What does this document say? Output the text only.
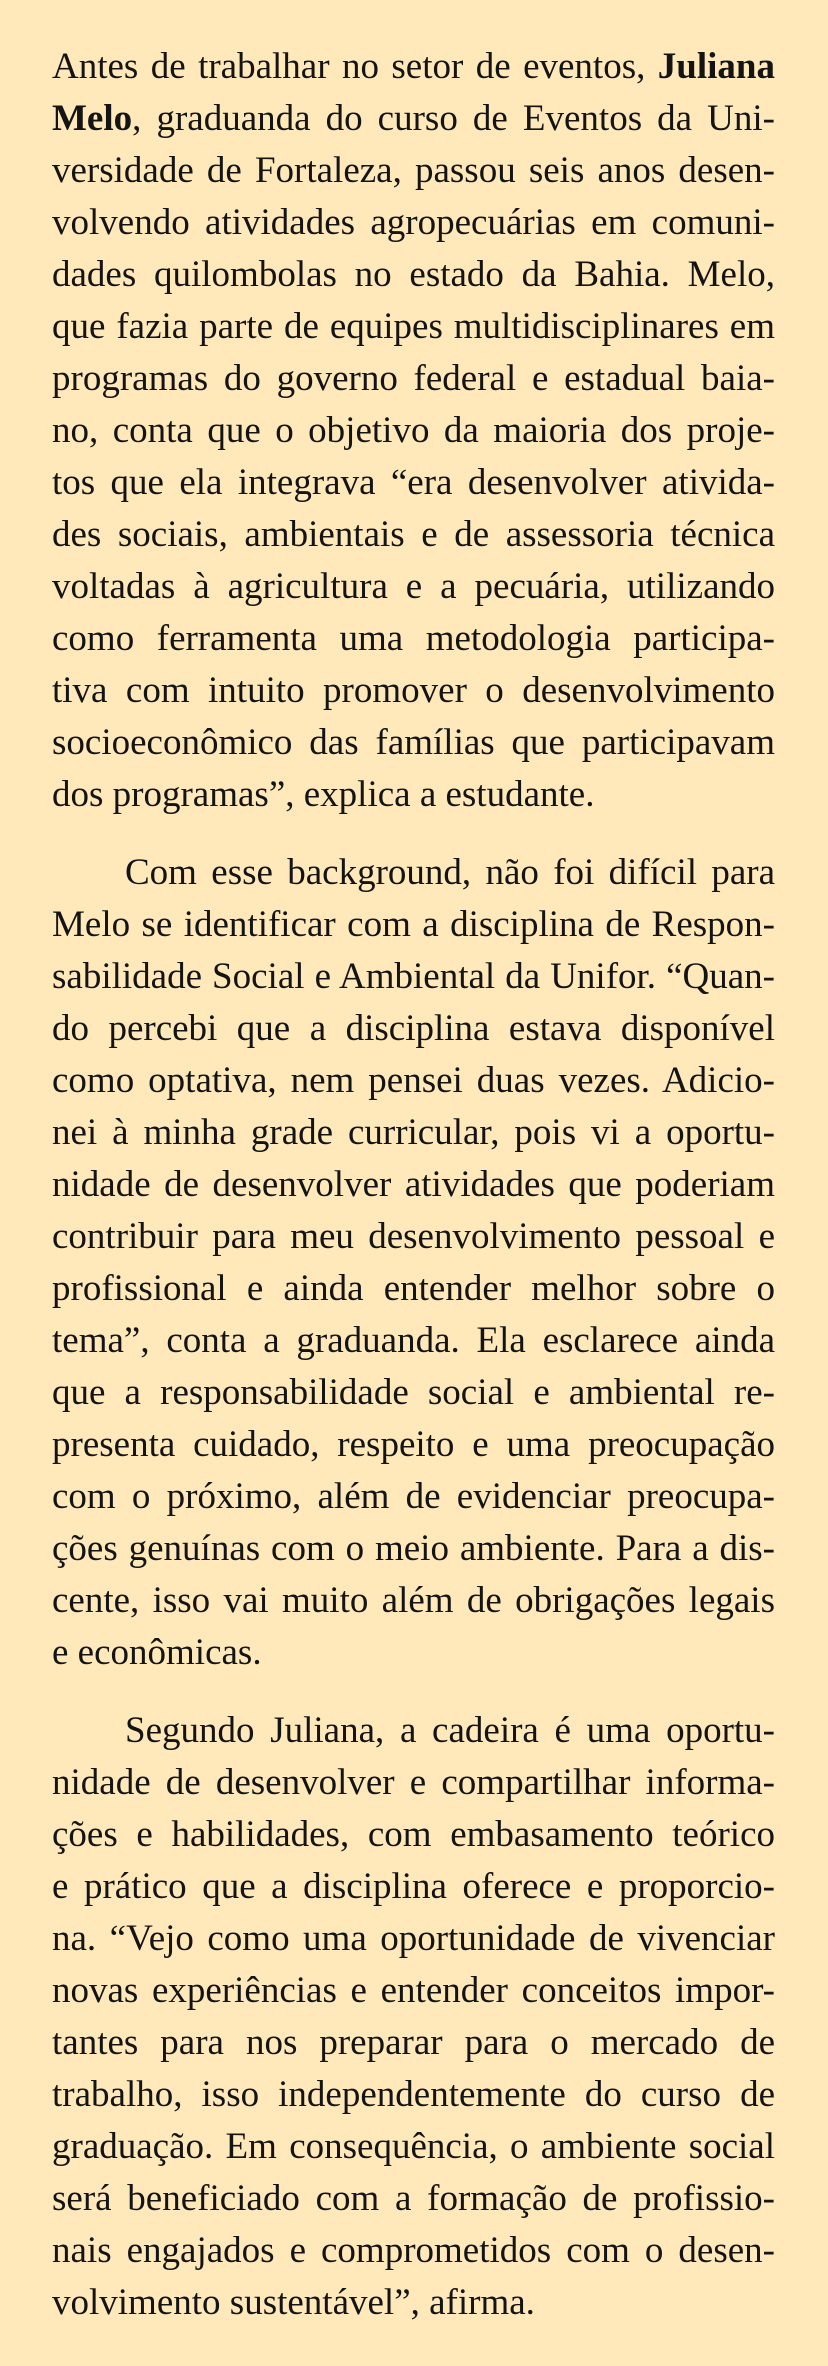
Antes de trabalhar no setor de eventos, Juliana
Melo, graduanda do curso de Eventos da Uni-
versidade de Fortaleza, passou seis anos desen-
volvendo atividades agropecuárias em comuni-
dades quilombolas no estado da Bahia. Melo,
que fazia parte de equipes multidisciplinares em
programas do governo federal e estadual baia-
no, conta que o objetivo da maioria dos proje-
tos que ela integrava “era desenvolver ativida-
des sociais, ambientais e de assessoria técnica
voltadas à agricultura e a pecuária, utilizando
como ferramenta uma metodologia participa-
tiva com intuito promover o desenvolvimento
socioeconômico das famílias que participavam
dos programas”, explica a estudante.
Com esse background, não foi difícil para
Melo se identificar com a disciplina de Respon-
sabilidade Social e Ambiental da Unifor. “Quan-
do percebi que a disciplina estava disponível
como optativa, nem pensei duas vezes. Adicio-
nei à minha grade curricular, pois vi a oportu-
nidade de desenvolver atividades que poderiam
contribuir para meu desenvolvimento pessoal e
profissional e ainda entender melhor sobre o
tema”, conta a graduanda. Ela esclarece ainda
que a responsabilidade social e ambiental re-
presenta cuidado, respeito e uma preocupação
com o próximo, além de evidenciar preocupa-
ções genuínas com o meio ambiente. Para a dis-
cente, isso vai muito além de obrigações legais
e econômicas.
Segundo Juliana, a cadeira é uma oportu-
nidade de desenvolver e compartilhar informa-
ções e habilidades, com embasamento teórico
e prático que a disciplina oferece e proporcio-
na. “Vejo como uma oportunidade de vivenciar
novas experiências e entender conceitos impor-
tantes para nos preparar para o mercado de
trabalho, isso independentemente do curso de
graduação. Em consequência, o ambiente social
será beneficiado com a formação de profissio-
nais engajados e comprometidos com o desen-
volvimento sustentável”, afirma.
